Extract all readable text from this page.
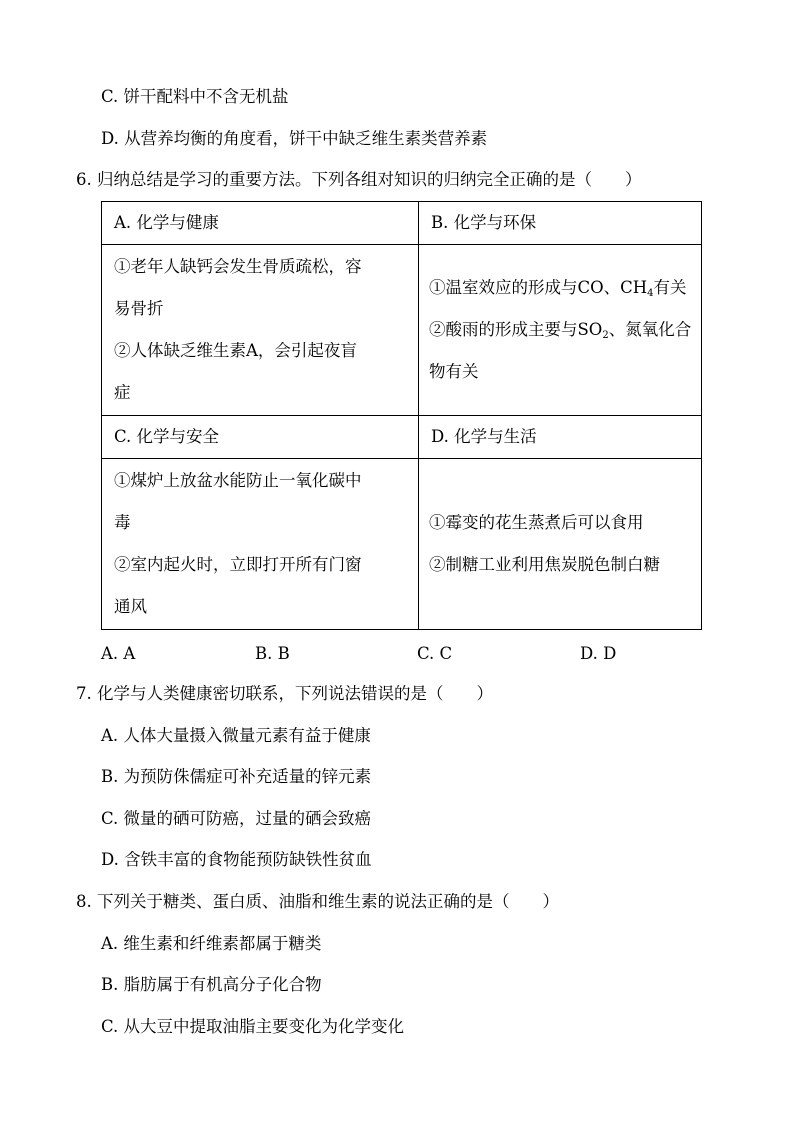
C. 饼干配料中不含无机盐
D. 从营养均衡的角度看，饼干中缺乏维生素类营养素
6. 归纳总结是学习的重要方法。下列各组对知识的归纳完全正确的是（　　）
A. 化学与健康	B. 化学与环保

①老年人缺钙会发生骨质疏松，容
易骨折
②人体缺乏维生素A，会引起夜盲
症	①温室效应的形成与CO、$CH_4$有关
②酸雨的形成主要与$SO_2$、氮氧化合
物有关

C. 化学与安全	D. 化学与生活

①煤炉上放盆水能防止一氧化碳中
毒
②室内起火时，立即打开所有门窗
通风	①霉变的花生蒸煮后可以食用
②制糖工业利用焦炭脱色制白糖
A. A	B. B	C. C	D. D
7. 化学与人类健康密切联系，下列说法错误的是（　　）
A. 人体大量摄入微量元素有益于健康
B. 为预防侏儒症可补充适量的锌元素
C. 微量的硒可防癌，过量的硒会致癌
D. 含铁丰富的食物能预防缺铁性贫血
8. 下列关于糖类、蛋白质、油脂和维生素的说法正确的是（　　）
A. 维生素和纤维素都属于糖类
B. 脂肪属于有机高分子化合物
C. 从大豆中提取油脂主要变化为化学变化
